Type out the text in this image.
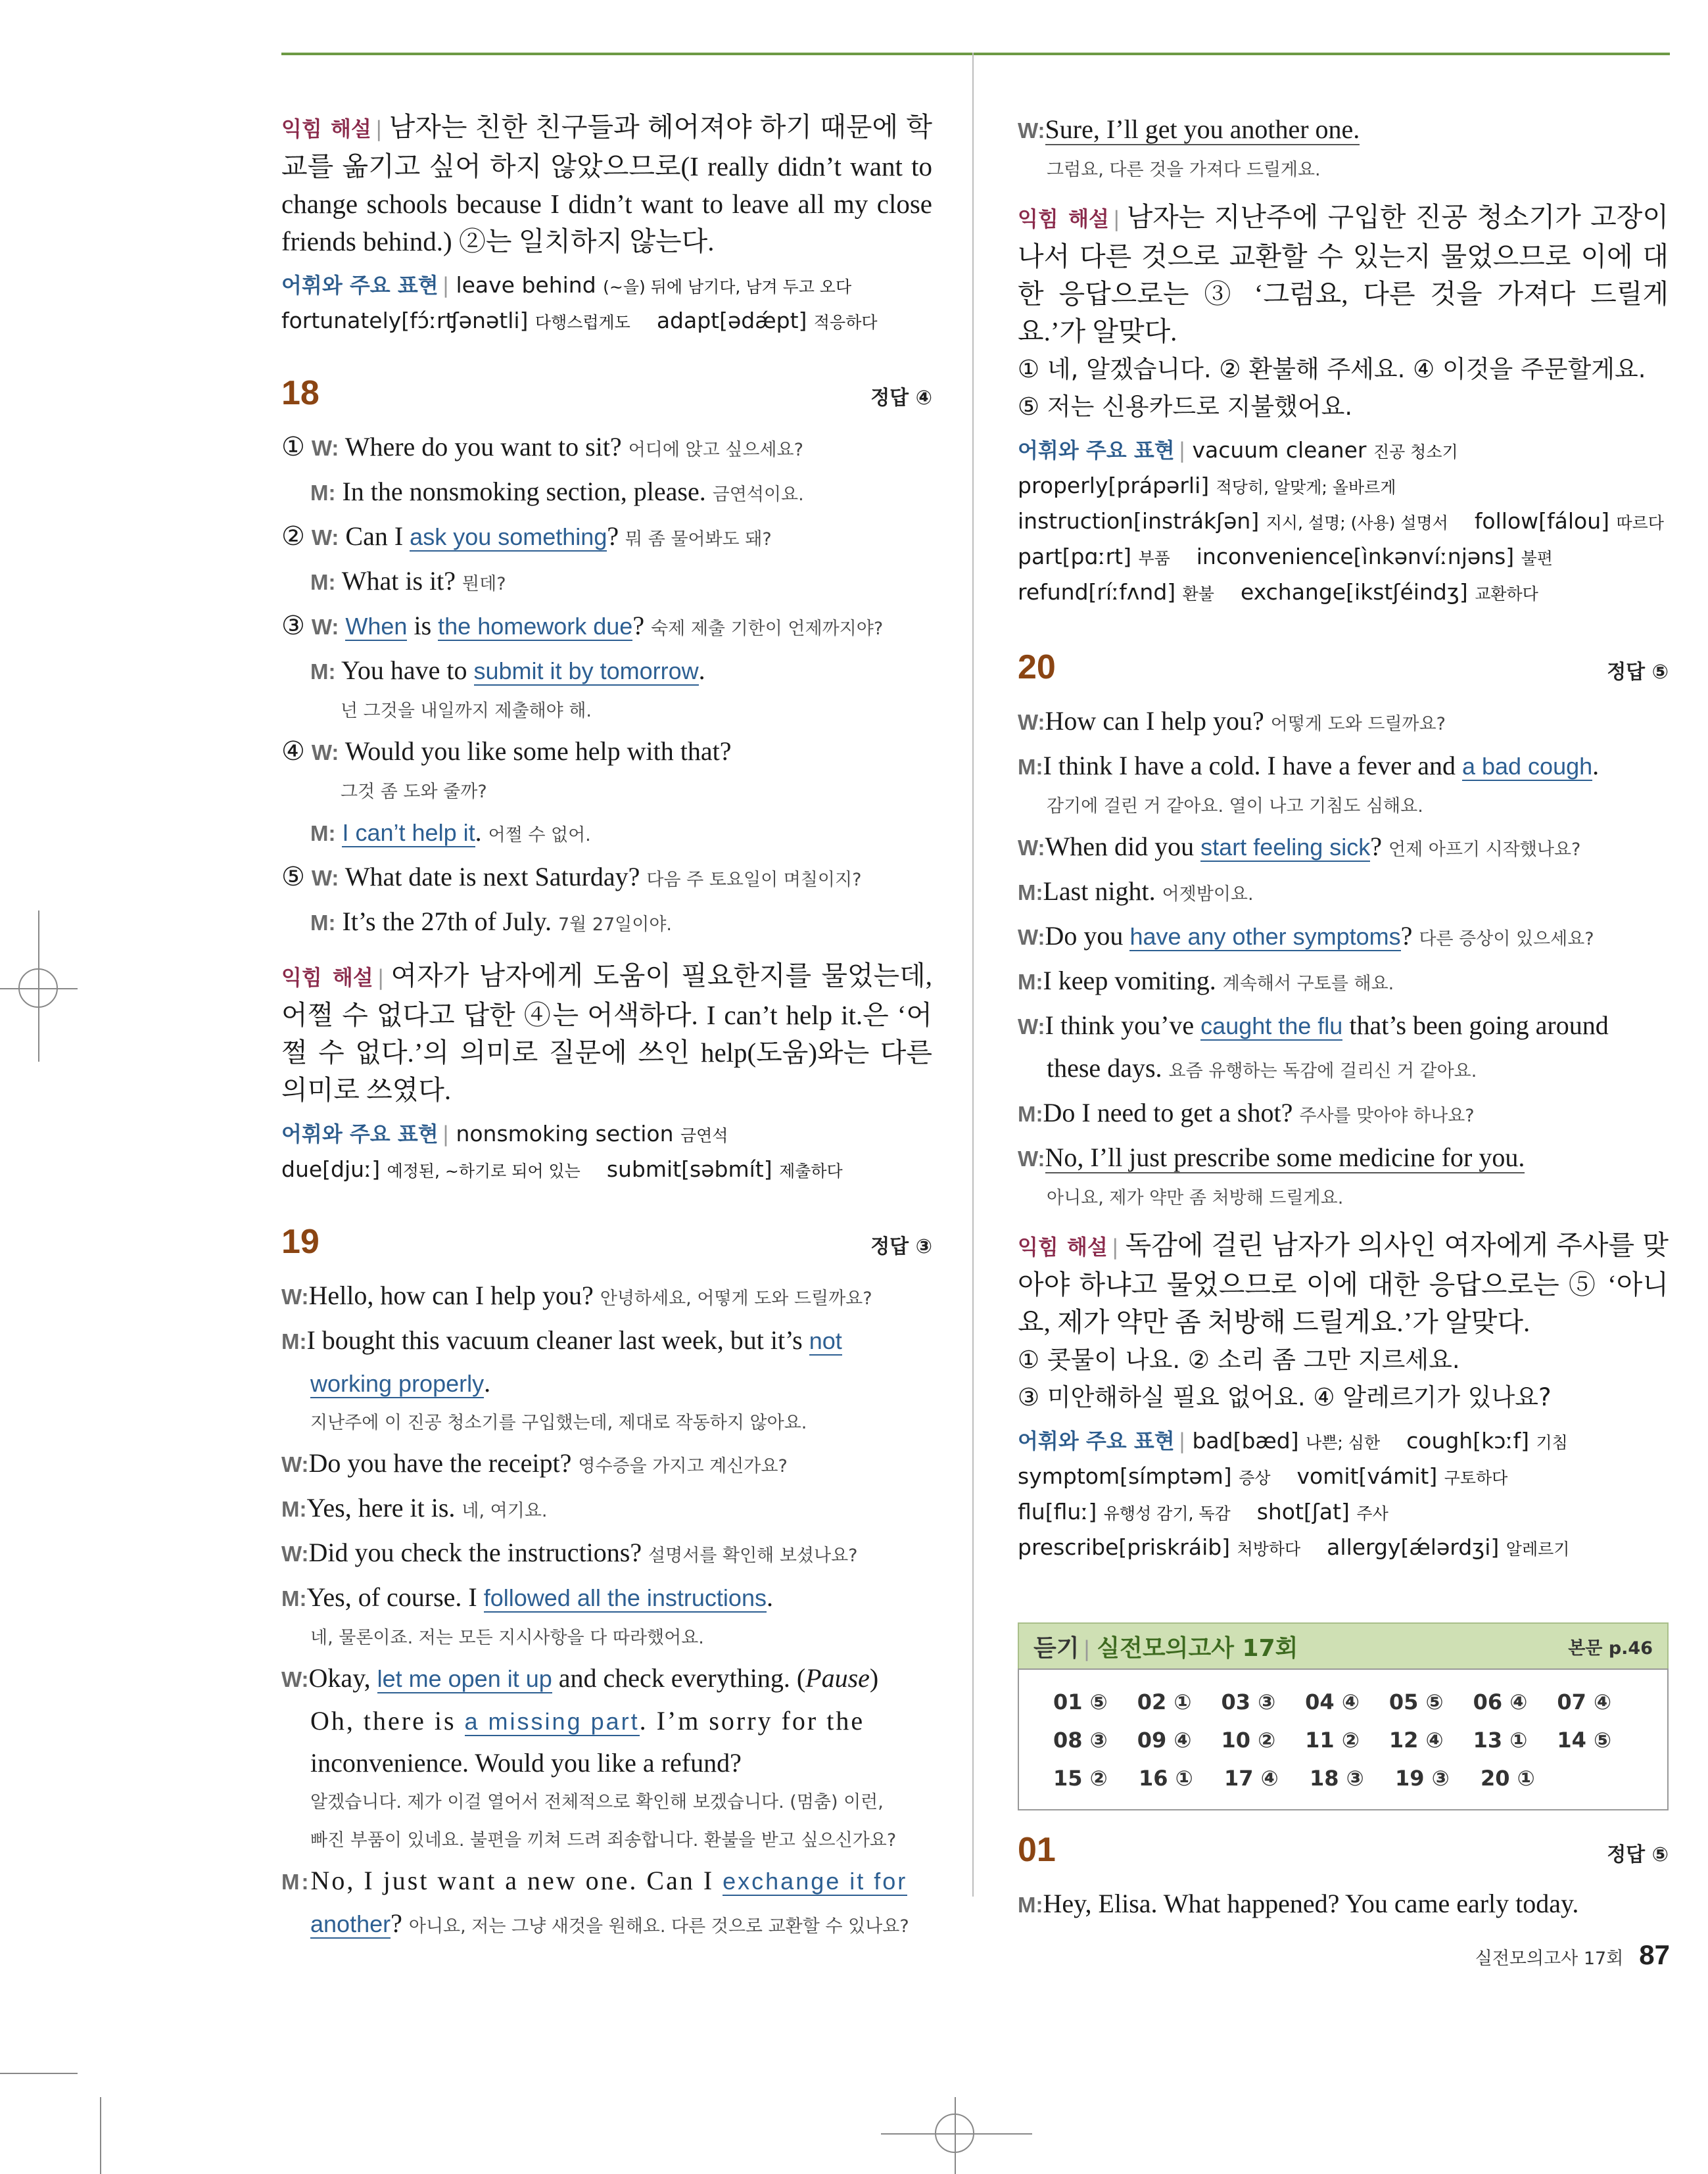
익힘 해설 | 남자는 친한 친구들과 헤어져야 하기 때문에 학교를 옮기고 싶어 하지 않았으므로(I really didn’t want to change schools because I didn’t want to leave all my close friends behind.) ②는 일치하지 않는다.
어휘와 주요 표현 | leave behind (~을) 뒤에 남기다, 남겨 두고 오다
fortunately[fɔ́ːrʧənətli] 다행스럽게도 adapt[ədǽpt] 적응하다
18	정답 ④
① W: Where do you want to sit? 어디에 앉고 싶으세요?
M: In the nonsmoking section, please. 금연석이요.
② W: Can I ask you something? 뭐 좀 물어봐도 돼?
M: What is it? 뭔데?
③ W: When is the homework due? 숙제 제출 기한이 언제까지야?
M: You have to submit it by tomorrow.
넌 그것을 내일까지 제출해야 해.
④ W: Would you like some help with that?
그것 좀 도와 줄까?
M: I can’t help it. 어쩔 수 없어.
⑤ W: What date is next Saturday? 다음 주 토요일이 며칠이지?
M: It’s the 27th of July. 7월 27일이야.
익힘 해설 | 여자가 남자에게 도움이 필요한지를 물었는데, 어쩔 수 없다고 답한 ④는 어색하다. I can’t help it.은 ‘어쩔 수 없다.’의 의미로 질문에 쓰인 help(도움)와는 다른 의미로 쓰였다.
어휘와 주요 표현 | nonsmoking section 금연석
due[djuː] 예정된, ~하기로 되어 있는 submit[səbmít] 제출하다
19	정답 ③
W:Hello, how can I help you? 안녕하세요, 어떻게 도와 드릴까요?
M:I bought this vacuum cleaner last week, but it’s not
working properly.
지난주에 이 진공 청소기를 구입했는데, 제대로 작동하지 않아요.
W:Do you have the receipt? 영수증을 가지고 계신가요?
M:Yes, here it is. 네, 여기요.
W:Did you check the instructions? 설명서를 확인해 보셨나요?
M:Yes, of course. I followed all the instructions.
네, 물론이죠. 저는 모든 지시사항을 다 따라했어요.
W:Okay, let me open it up and check everything. (Pause)
Oh, there is a missing part. I’m sorry for the
inconvenience. Would you like a refund?
알겠습니다. 제가 이걸 열어서 전체적으로 확인해 보겠습니다. (멈춤) 이런,
빠진 부품이 있네요. 불편을 끼쳐 드려 죄송합니다. 환불을 받고 싶으신가요?
M:No, I just want a new one. Can I exchange it for
another? 아니요, 저는 그냥 새것을 원해요. 다른 것으로 교환할 수 있나요?
W:Sure, I’ll get you another one.
그럼요, 다른 것을 가져다 드릴게요.
익힘 해설 | 남자는 지난주에 구입한 진공 청소기가 고장이 나서 다른 것으로 교환할 수 있는지 물었으므로 이에 대한 응답으로는 ③ ‘그럼요, 다른 것을 가져다 드릴게요.’가 알맞다.
① 네, 알겠습니다. ② 환불해 주세요. ④ 이것을 주문할게요.
⑤ 저는 신용카드로 지불했어요.
어휘와 주요 표현 | vacuum cleaner 진공 청소기
properly[prápərli] 적당히, 알맞게; 올바르게
instruction[instrákʃən] 지시, 설명; (사용) 설명서 follow[fálou] 따르다
part[pɑːrt] 부품 inconvenience[ìnkənvíːnjəns] 불편
refund[ríːfʌnd] 환불 exchange[ikstʃéindʒ] 교환하다
20	정답 ⑤
W:How can I help you? 어떻게 도와 드릴까요?
M:I think I have a cold. I have a fever and a bad cough.
감기에 걸린 거 같아요. 열이 나고 기침도 심해요.
W:When did you start feeling sick? 언제 아프기 시작했나요?
M:Last night. 어젯밤이요.
W:Do you have any other symptoms? 다른 증상이 있으세요?
M:I keep vomiting. 계속해서 구토를 해요.
W:I think you’ve caught the flu that’s been going around
these days. 요즘 유행하는 독감에 걸리신 거 같아요.
M:Do I need to get a shot? 주사를 맞아야 하나요?
W:No, I’ll just prescribe some medicine for you.
아니요, 제가 약만 좀 처방해 드릴게요.
익힘 해설 | 독감에 걸린 남자가 의사인 여자에게 주사를 맞아야 하냐고 물었으므로 이에 대한 응답으로는 ⑤ ‘아니요, 제가 약만 좀 처방해 드릴게요.’가 알맞다.
① 콧물이 나요. ② 소리 좀 그만 지르세요.
③ 미안해하실 필요 없어요. ④ 알레르기가 있나요?
어휘와 주요 표현 | bad[bæd] 나쁜; 심한 cough[kɔːf] 기침
symptom[símptəm] 증상 vomit[vámit] 구토하다
flu[fluː] 유행성 감기, 독감 shot[ʃat] 주사
prescribe[priskráib] 처방하다 allergy[ǽlərdʒi] 알레르기
듣기 | 실전모의고사 17회	본문 p.46
01 ⑤	02 ①	03 ③	04 ④	05 ⑤	06 ④	07 ④
08 ③	09 ④	10 ②	11 ②	12 ④	13 ①	14 ⑤
15 ②	16 ①	17 ④	18 ③	19 ③	20 ①
01	정답 ⑤
M:Hey, Elisa. What happened? You came early today.
실전모의고사 17회 87
